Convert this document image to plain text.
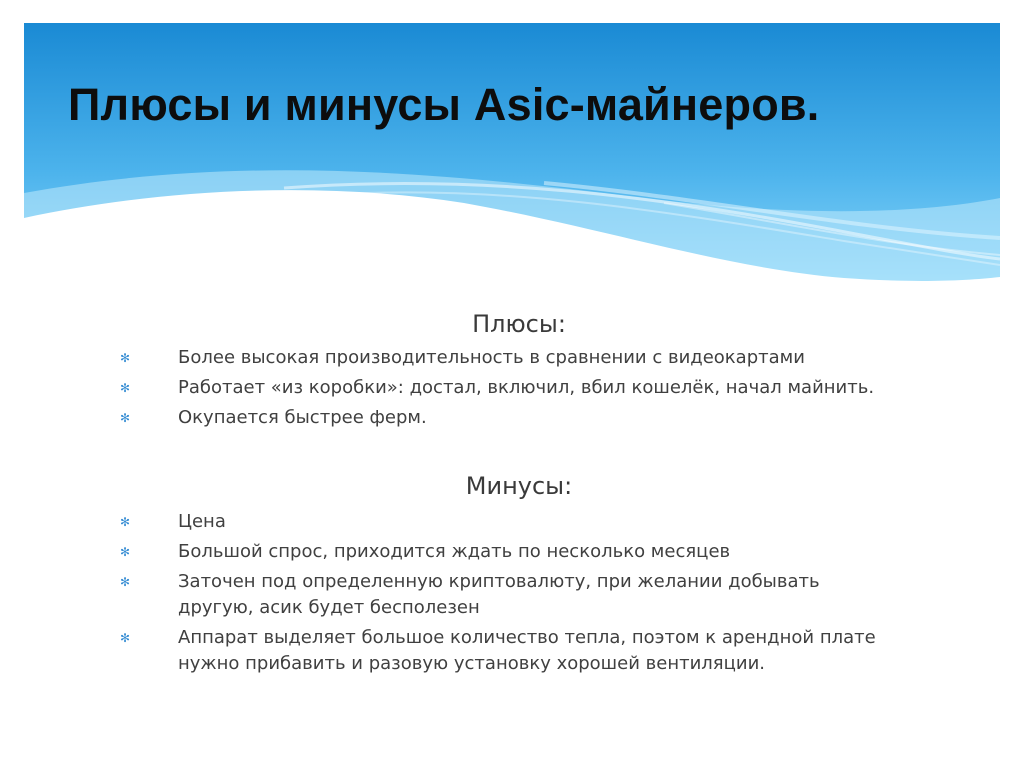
Плюсы и минусы Asic-майнеров.
Плюсы:
✻	Более высокая производительность в сравнении с видеокартами
✻	Работает «из коробки»: достал, включил, вбил кошелёк, начал майнить.
✻	Окупается быстрее ферм.
Минусы:
✻	Цена
✻	Большой спрос, приходится ждать по несколько месяцев
✻	Заточен под определенную криптовалюту, при желании добывать другую, асик будет бесполезен
✻	Аппарат выделяет большое количество тепла, поэтом к арендной плате нужно прибавить и разовую установку хорошей вентиляции.
